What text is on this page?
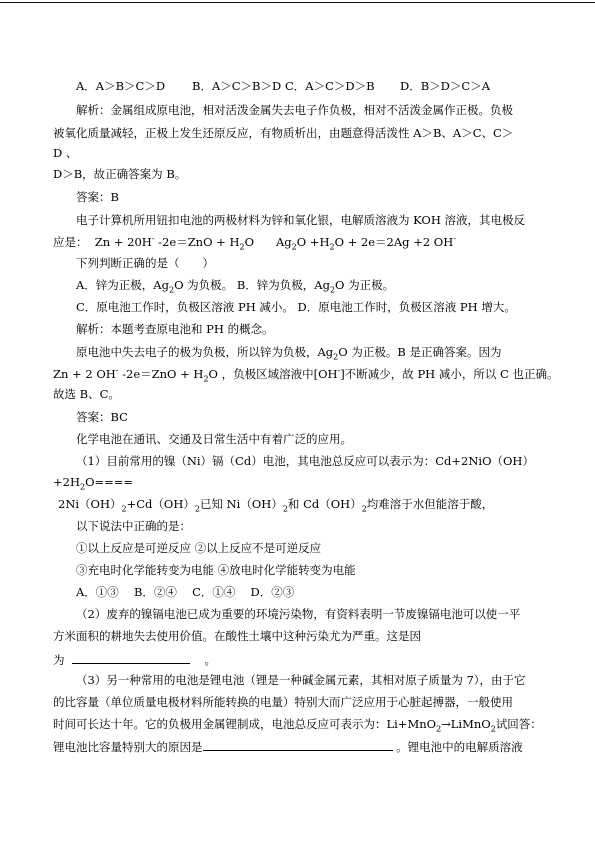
A．A＞B＞C＞D B．A＞C＞B＞D C．A＞C＞D＞B D．B＞D＞C＞A
解析：金属组成原电池，相对活泼金属失去电子作负极，相对不活泼金属作正极。负极
被氧化质量减轻，正极上发生还原反应，有物质析出，由题意得活泼性 A＞B、A＞C、C＞
D 、
D＞B，故正确答案为 B。
答案：B
电子计算机所用钮扣电池的两极材料为锌和氧化银，电解质溶液为 KOH 溶液，其电极反
应是：  Zn + 20H- $-2e=ZnO + H_2O$      $Ag_2O +H_2O + 2e=2Ag +2$ OH-
下列判断正确的是（　　）
A．锌为正极，$Ag_2O$ 为负极。 B．锌为负极，$Ag_2O$ 为正极。
C．原电池工作时，负极区溶液 PH 减小。 D．原电池工作时，负极区溶液 PH 增大。
解析：本题考查原电池和 PH 的概念。
原电池中失去电子的极为负极，所以锌为负极，$Ag_2O$ 为正极。B 是正确答案。因为
Zn + 2 OH- $-2e=ZnO + H_2O$ ，负极区域溶液中[OH-]不断减少，故 PH 减小，所以 C 也正确。
故选 B、C。
答案：BC
化学电池在通讯、交通及日常生活中有着广泛的应用。
（1）目前常用的镍（Ni）镉（Cd）电池，其电池总反应可以表示为：Cd+2NiO（OH）
$+2H_2O====$
$2Ni(OH)_2+Cd(OH)_2$已知 $Ni(OH)_2$和 $Cd(OH)_2$均难溶于水但能溶于酸，
以下说法中正确的是：
①以上反应是可逆反应 ②以上反应不是可逆反应
③充电时化学能转变为电能 ④放电时化学能转变为电能
A．①③　 B．②④　 C．①④　 D．②③
（2）废弃的镍镉电池已成为重要的环境污染物，有资料表明一节废镍镉电池可以使一平
方米面积的耕地失去使用价值。在酸性土壤中这种污染尤为严重。这是因
为	。
（3）另一种常用的电池是锂电池（锂是一种碱金属元素，其相对原子质量为 7），由于它
的比容量（单位质量电极材料所能转换的电量）特别大而广泛应用于心脏起搏器，一般使用
时间可长达十年。它的负极用金属锂制成，电池总反应可表示为：Li+MnO$_2$→LiMnO$_2$试回答：
锂电池比容量特别大的原因是	。锂电池中的电解质溶液
